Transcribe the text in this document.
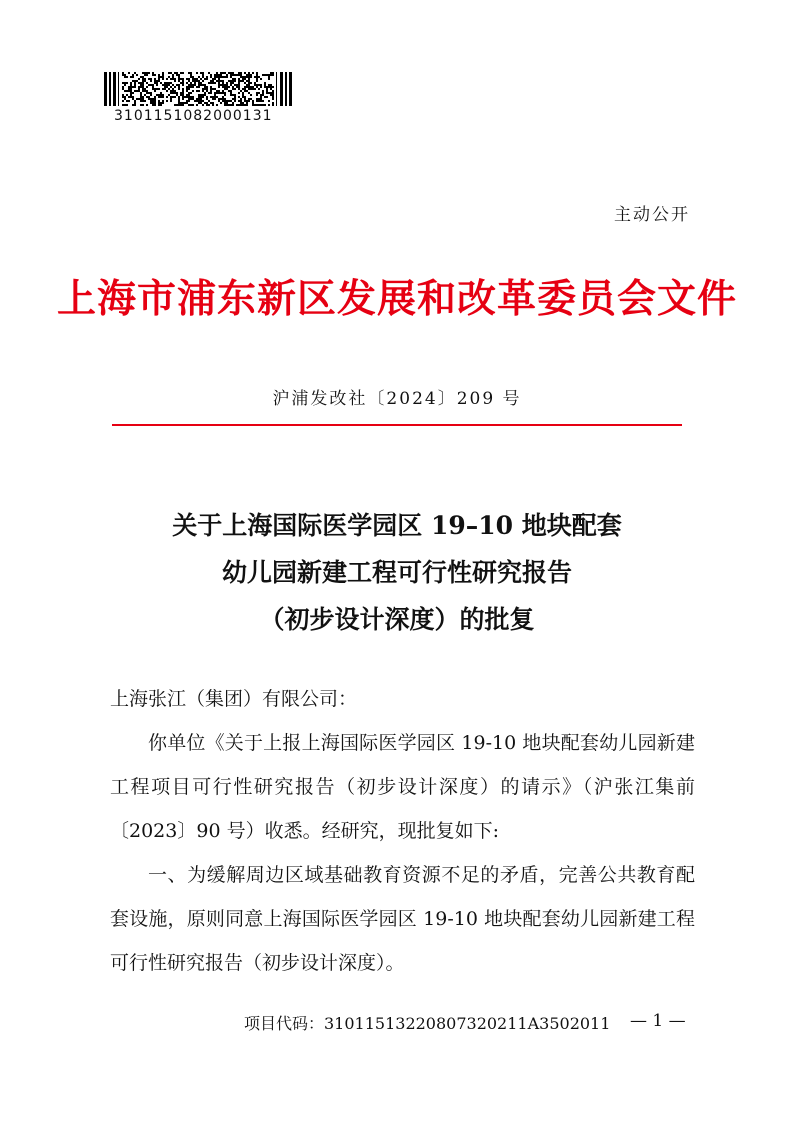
3101151082000131
主动公开
上海市浦东新区发展和改革委员会文件
沪浦发改社〔2024〕209 号
关于上海国际医学园区 19–10 地块配套
幼儿园新建工程可行性研究报告
（初步设计深度）的批复

上海张江（集团）有限公司：

你单位《关于上报上海国际医学园区 19-10 地块配套幼儿园新建工程项目可行性研究报告（初步设计深度）的请示》（沪张江集前〔2023〕90 号）收悉。经研究，现批复如下:

一、为缓解周边区域基础教育资源不足的矛盾，完善公共教育配套设施，原则同意上海国际医学园区 19-10 地块配套幼儿园新建工程可行性研究报告（初步设计深度）。

项目代码：31011513220807320211A3502011 — 1 —
